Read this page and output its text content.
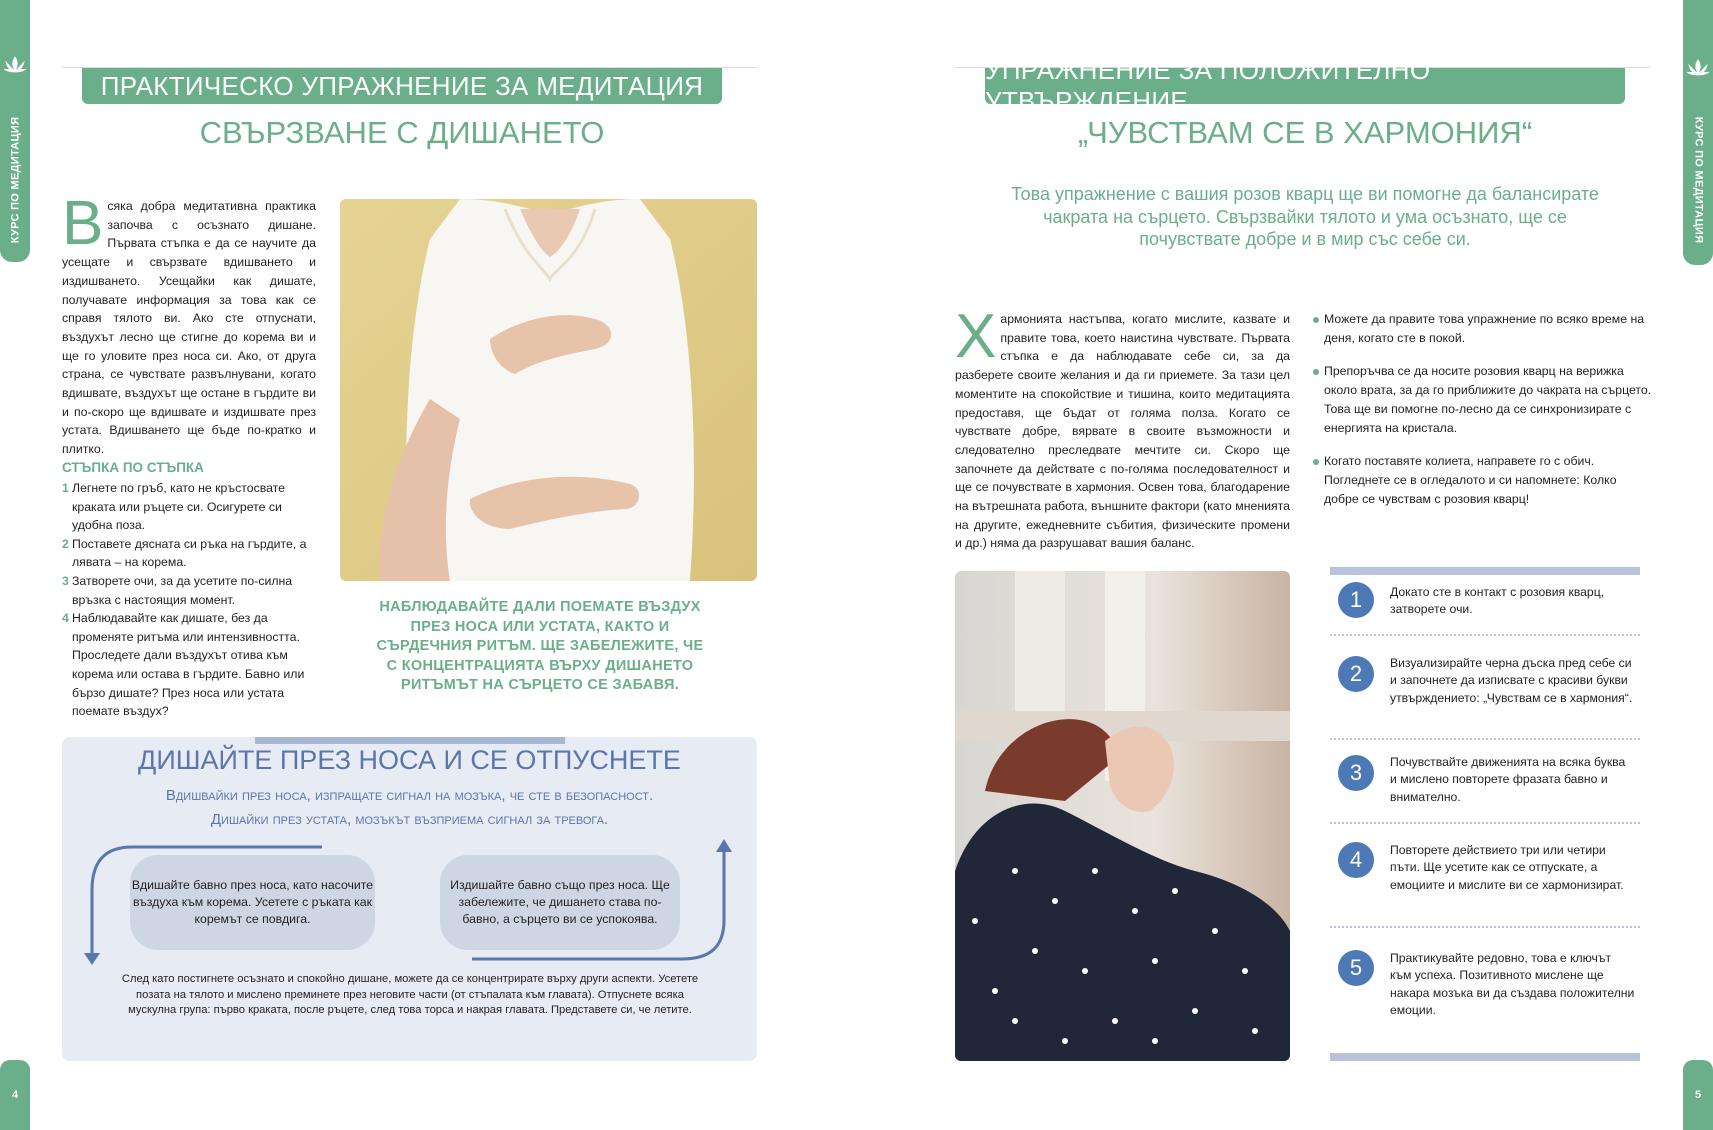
КУРС ПО МЕДИТАЦИЯ
4
КУРС ПО МЕДИТАЦИЯ
5
ПРАКТИЧЕСКО УПРАЖНЕНИЕ ЗА МЕДИТАЦИЯ
СВЪРЗВАНЕ С ДИШАНЕТО
В сяка добра медитативна практика започва с осъзнато дишане. Първата стъпка е да се научите да усещате и свързвате вдишването и издишването. Усещайки как дишате, получавате информация за това как се справя тялото ви. Ако сте отпуснати, въздухът лесно ще стигне до корема ви и ще го уловите през носа си. Ако, от друга страна, се чувствате развълнувани, когато вдишвате, въздухът ще остане в гърдите ви и по-скоро ще вдишвате и издишвате през устата. Вдишването ще бъде по-кратко и плитко.
СТЪПКА ПО СТЪПКА
1 Легнете по гръб, като не кръстосвате краката или ръцете си. Осигурете си удобна поза.
2 Поставете дясната си ръка на гърдите, а лявата – на корема.
3 Затворете очи, за да усетите по-силна връзка с настоящия момент.
4 Наблюдавайте как дишате, без да променяте ритъма или интензивността. Проследете дали въздухът отива към корема или остава в гърдите. Бавно или бързо дишате? През носа или устата поемате въздух?
НАБЛЮДАВАЙТЕ ДАЛИ ПОЕМАТЕ ВЪЗДУХ ПРЕЗ НОСА ИЛИ УСТАТА, КАКТО И СЪРДЕЧНИЯ РИТЪМ. ЩЕ ЗАБЕЛЕЖИТЕ, ЧЕ С КОНЦЕНТРАЦИЯТА ВЪРХУ ДИШАНЕТО РИТЪМЪТ НА СЪРЦЕТО СЕ ЗАБАВЯ.
ДИШАЙТЕ ПРЕЗ НОСА И СЕ ОТПУСНЕТЕ
Вдишвайки през носа, изпращате сигнал на мозъка, че сте в безопасност.
Дишайки през устата, мозъкът възприема сигнал за тревога.
Вдишайте бавно през носа, като насочите въздуха към корема. Усетете с ръката как коремът се повдига.
Издишайте бавно също през носа. Ще забележите, че дишането става по-бавно, а сърцето ви се успокоява.
След като постигнете осъзнато и спокойно дишане, можете да се концентрирате върху други аспекти. Усетете позата на тялото и мислено преминете през неговите части (от стъпалата към главата). Отпуснете всяка мускулна група: първо краката, после ръцете, след това торса и накрая главата. Представете си, че летите.
УПРАЖНЕНИЕ ЗА ПОЛОЖИТЕЛНО УТВЪРЖДЕНИЕ
„ЧУВСТВАМ СЕ В ХАРМОНИЯ“
Това упражнение с вашия розов кварц ще ви помогне да балансирате чакрата на сърцето. Свързвайки тялото и ума осъзнато, ще се почувствате добре и в мир със себе си.
Х армонията настъпва, когато мислите, казвате и правите това, което наистина чувствате. Първата стъпка е да наблюдавате себе си, за да разберете своите желания и да ги приемете. За тази цел моментите на спокойствие и тишина, които медитацията предоставя, ще бъдат от голяма полза. Когато се чувствате добре, вярвате в своите възможности и следователно преследвате мечтите си. Скоро ще започнете да действате с по-голяма последователност и ще се почувствате в хармония. Освен това, благодарение на вътрешната работа, външните фактори (като мненията на другите, ежедневните събития, физическите промени и др.) няма да разрушават вашия баланс.
Можете да правите това упражнение по всяко време на деня, когато сте в покой.
Препоръчва се да носите розовия кварц на верижка около врата, за да го приближите до чакрата на сърцето. Това ще ви помогне по-лесно да се синхронизирате с енергията на кристала.
Когато поставяте колиета, направете го с обич. Погледнете се в огледалото и си напомнете: Колко добре се чувствам с розовия кварц!
1	Докато сте в контакт с розовия кварц, затворете очи.
2	Визуализирайте черна дъска пред себе си и започнете да изписвате с красиви букви утвърждението: „Чувствам се в хармония“.
3	Почувствайте движенията на всяка буква и мислено повторете фразата бавно и внимателно.
4	Повторете действието три или четири пъти. Ще усетите как се отпускате, а емоциите и мислите ви се хармонизират.
5	Практикувайте редовно, това е ключът към успеха. Позитивното мислене ще накара мозъка ви да създава положителни емоции.
